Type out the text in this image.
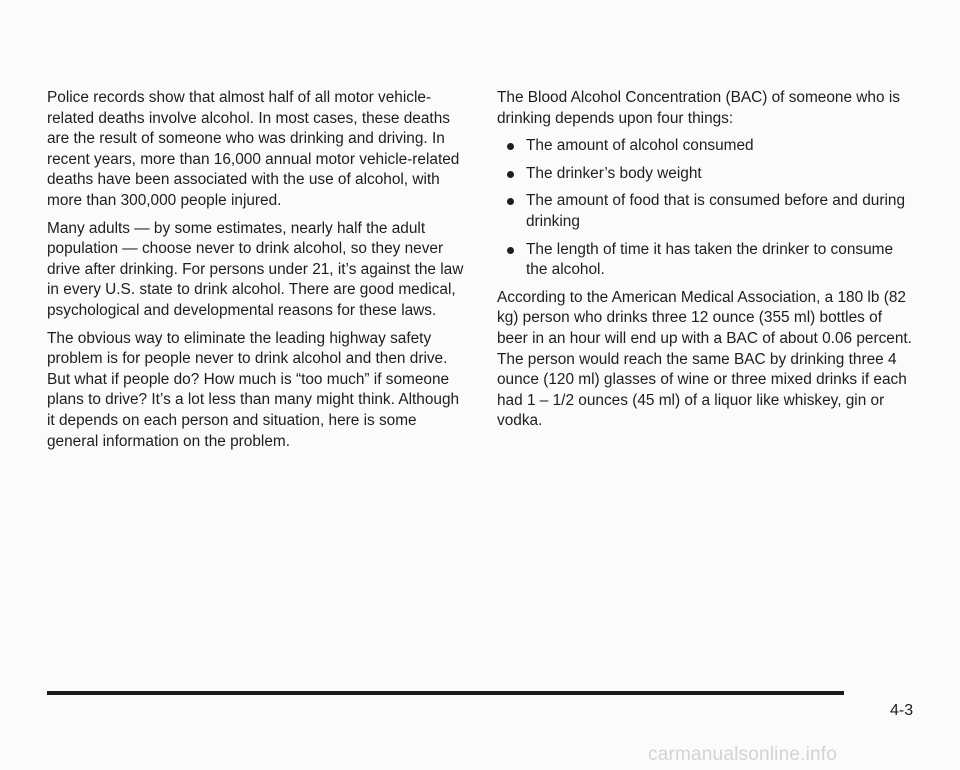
Police records show that almost half of all motor vehicle-related deaths involve alcohol. In most cases, these deaths are the result of someone who was drinking and driving. In recent years, more than 16,000 annual motor vehicle-related deaths have been associated with the use of alcohol, with more than 300,000 people injured.

Many adults — by some estimates, nearly half the adult population — choose never to drink alcohol, so they never drive after drinking. For persons under 21, it’s against the law in every U.S. state to drink alcohol. There are good medical, psychological and developmental reasons for these laws.

The obvious way to eliminate the leading highway safety problem is for people never to drink alcohol and then drive. But what if people do? How much is “too much” if someone plans to drive? It’s a lot less than many might think. Although it depends on each person and situation, here is some general information on the problem.

The Blood Alcohol Concentration (BAC) of someone who is drinking depends upon four things:

The amount of alcohol consumed
The drinker’s body weight
The amount of food that is consumed before and during drinking
The length of time it has taken the drinker to consume the alcohol.

According to the American Medical Association, a 180 lb (82 kg) person who drinks three 12 ounce (355 ml) bottles of beer in an hour will end up with a BAC of about 0.06 percent. The person would reach the same BAC by drinking three 4 ounce (120 ml) glasses of wine or three mixed drinks if each had 1 – 1/2 ounces (45 ml) of a liquor like whiskey, gin or vodka.

4-3
carmanualsonline.info
